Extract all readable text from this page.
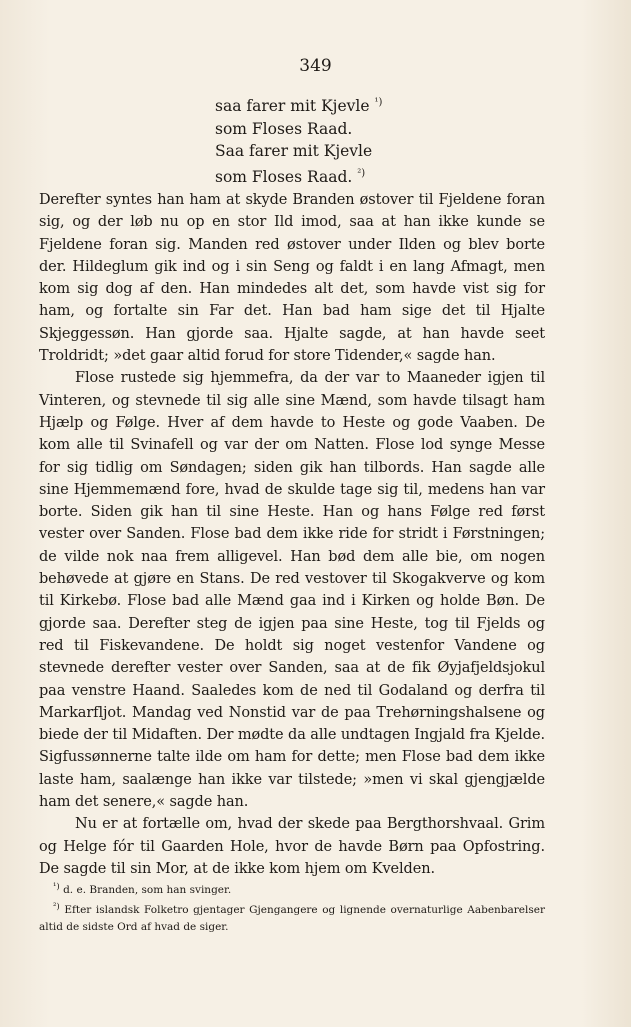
349
saa farer mit Kjevle $^{^1)}$
som Floses Raad.
Saa farer mit Kjevle
som Floses Raad. $^{^2)}$

Derefter syntes han ham at skyde Branden østover til Fjeldene foran sig, og der løb nu op en stor Ild imod, saa at han ikke kunde se Fjeldene foran sig. Manden red østover under Ilden og blev borte der. Hildeglum gik ind og i sin Seng og faldt i en lang Afmagt, men kom sig dog af den. Han mindedes alt det, som havde vist sig for ham, og fortalte sin Far det. Han bad ham sige det til Hjalte Skjeggessøn. Han gjorde saa. Hjalte sagde, at han havde seet Troldridt; »det gaar altid forud for store Tidender,« sagde han.

Flose rustede sig hjemmefra, da der var to Maaneder igjen til Vinteren, og stevnede til sig alle sine Mænd, som havde tilsagt ham Hjælp og Følge. Hver af dem havde to Heste og gode Vaaben. De kom alle til Svinafell og var der om Natten. Flose lod synge Messe for sig tidlig om Søndagen; siden gik han tilbords. Han sagde alle sine Hjemmemænd fore, hvad de skulde tage sig til, medens han var borte. Siden gik han til sine Heste. Han og hans Følge red først vester over Sanden. Flose bad dem ikke ride for stridt i Førstningen; de vilde nok naa frem alligevel. Han bød dem alle bie, om nogen behøvede at gjøre en Stans. De red vestover til Skogakverve og kom til Kirkebø. Flose bad alle Mænd gaa ind i Kirken og holde Bøn. De gjorde saa. Derefter steg de igjen paa sine Heste, tog til Fjelds og red til Fiskevandene. De holdt sig noget vestenfor Vandene og stevnede derefter vester over Sanden, saa at de fik Øyjafjeldsjokul paa venstre Haand. Saaledes kom de ned til Godaland og derfra til Markarfljot. Mandag ved Nonstid var de paa Trehørningshalsene og biede der til Midaften. Der mødte da alle undtagen Ingjald fra Kjelde. Sigfussønnerne talte ilde om ham for dette; men Flose bad dem ikke laste ham, saalænge han ikke var tilstede; »men vi skal gjengjælde ham det senere,« sagde han.

Nu er at fortælle om, hvad der skede paa Bergthorshvaal. Grim og Helge fór til Gaarden Hole, hvor de havde Børn paa Opfostring. De sagde til sin Mor, at de ikke kom hjem om Kvelden.

$^{^1)}$ d. e. Branden, som han svinger.
$^{^2)}$ Efter islandsk Folketro gjentager Gjengangere og lignende overnaturlige Aabenbarelser altid de sidste Ord af hvad de siger.
